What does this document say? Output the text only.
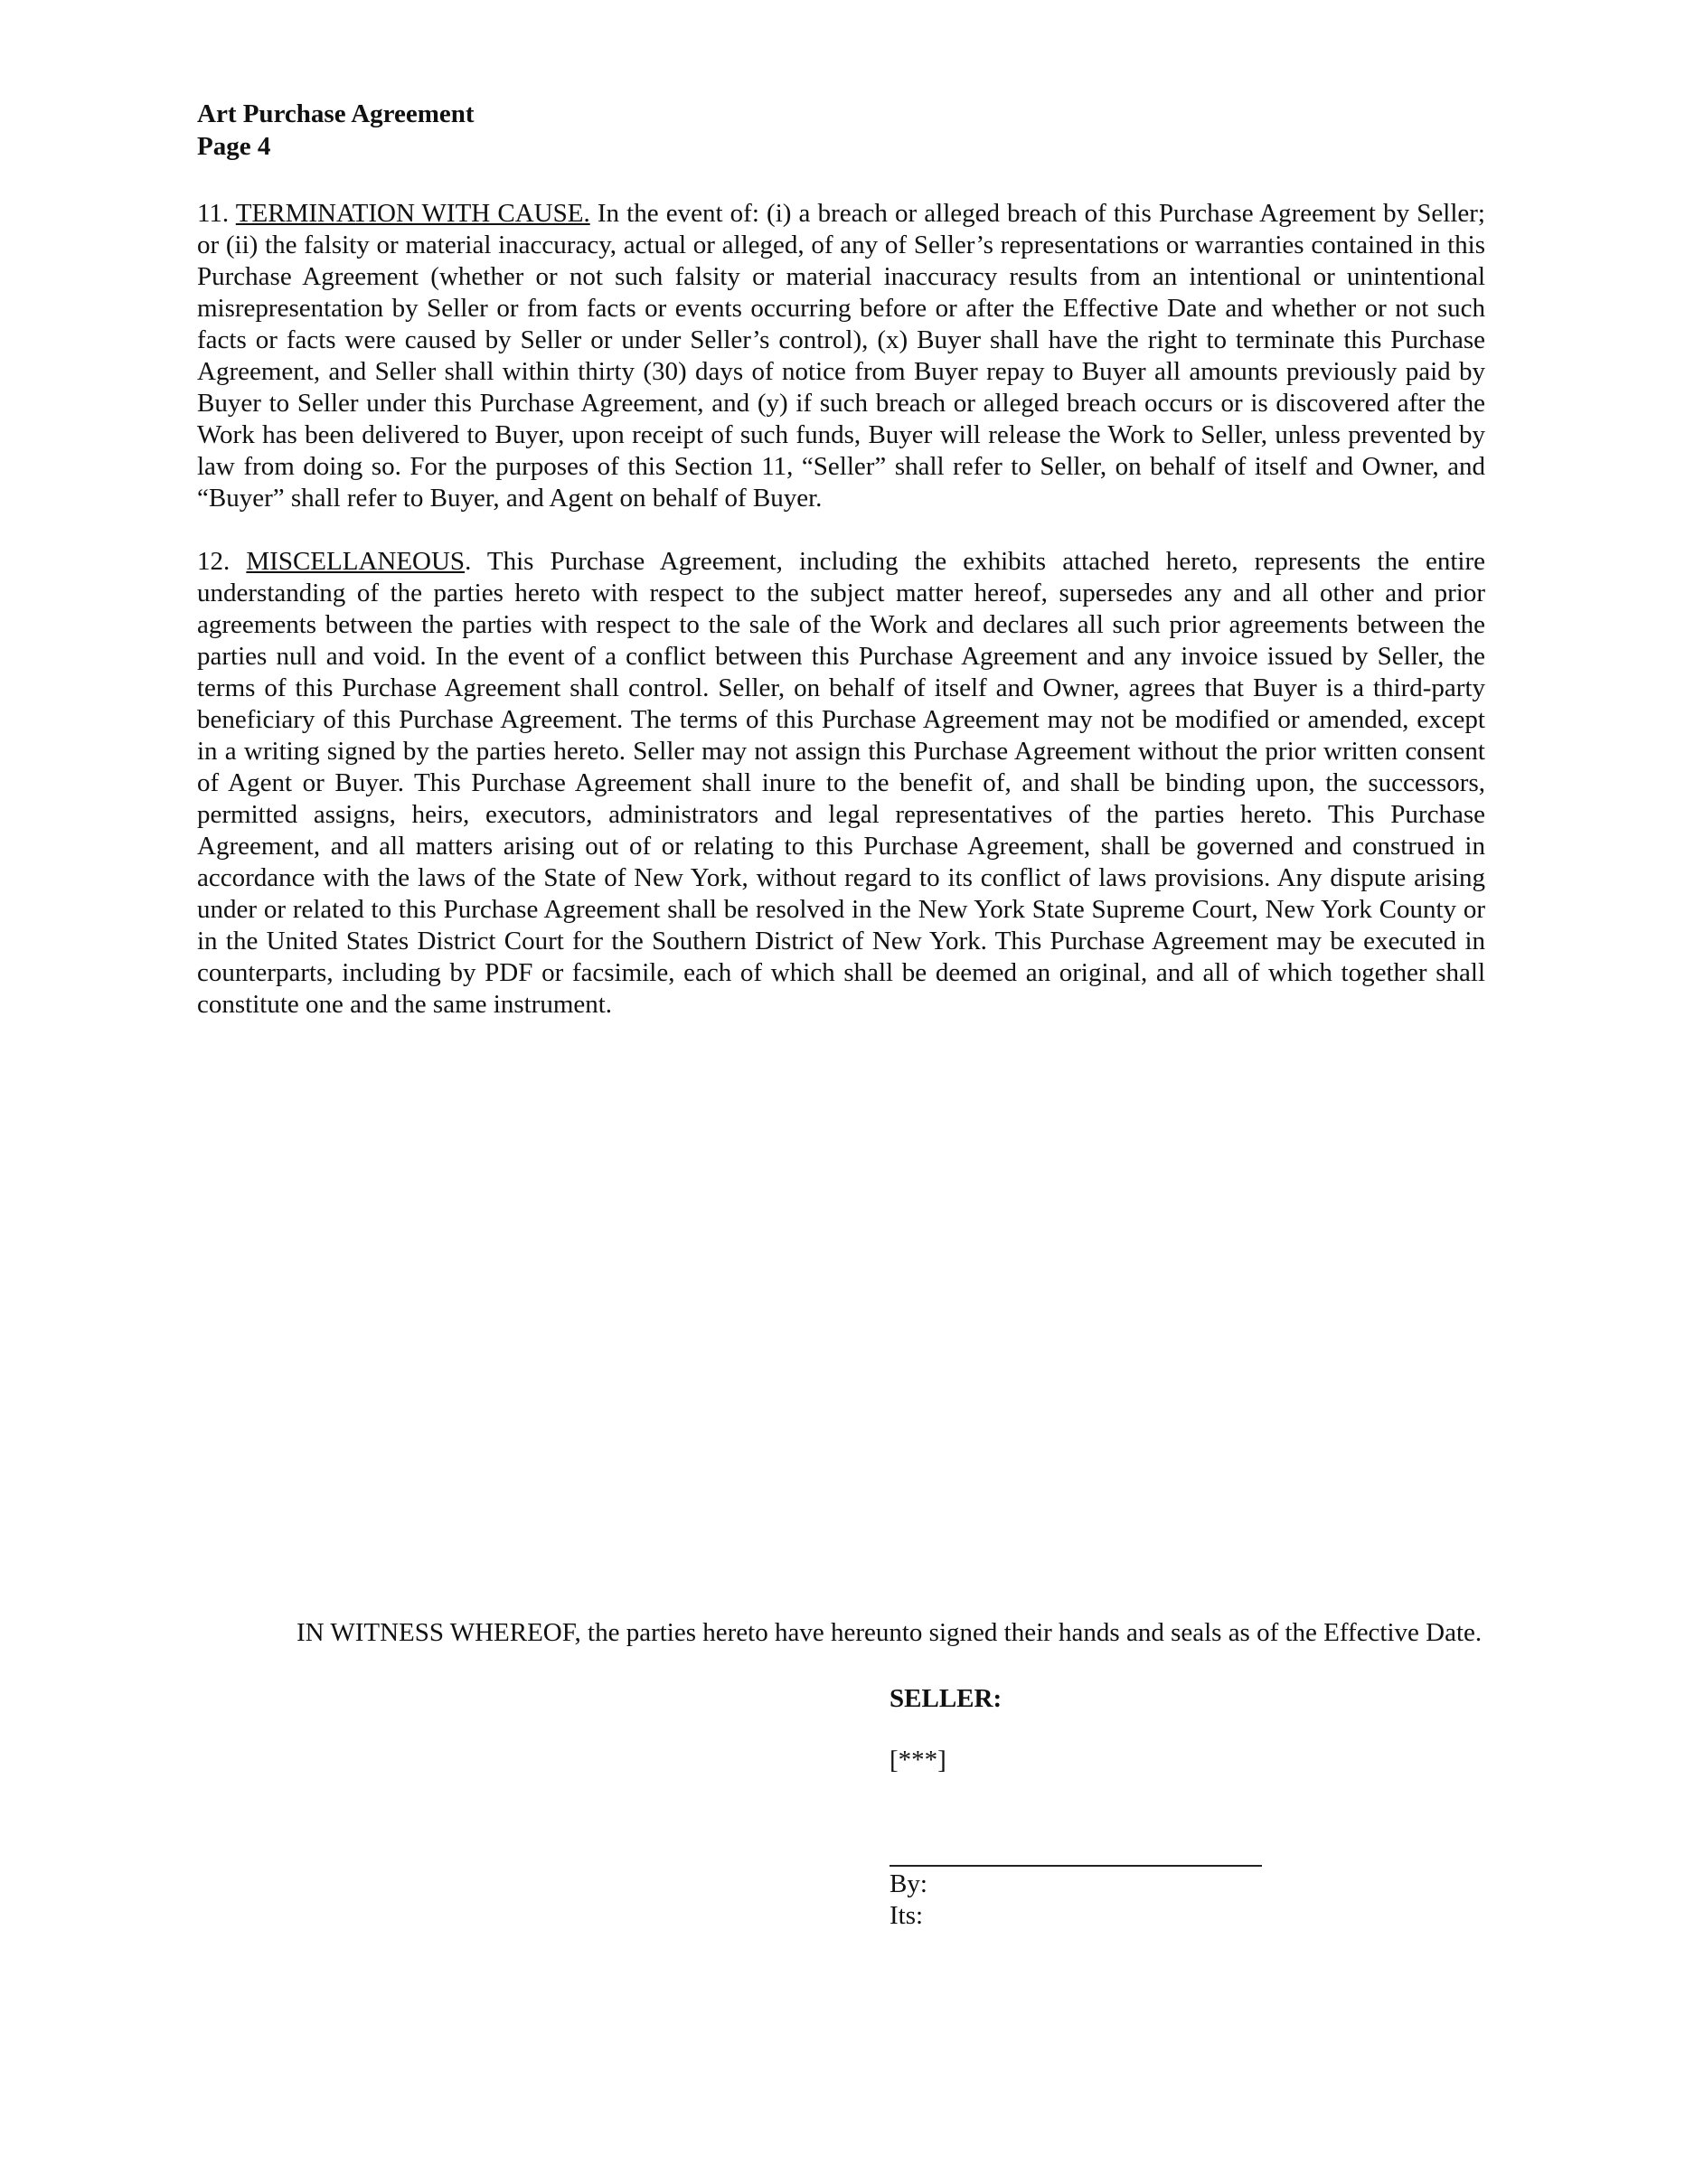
Art Purchase Agreement
Page 4

11. TERMINATION WITH CAUSE. In the event of: (i) a breach or alleged breach of this Purchase Agreement by Seller; or (ii) the falsity or material inaccuracy, actual or alleged, of any of Seller’s representations or warranties contained in this Purchase Agreement (whether or not such falsity or material inaccuracy results from an intentional or unintentional misrepresentation by Seller or from facts or events occurring before or after the Effective Date and whether or not such facts or facts were caused by Seller or under Seller’s control), (x) Buyer shall have the right to terminate this Purchase Agreement, and Seller shall within thirty (30) days of notice from Buyer repay to Buyer all amounts previously paid by Buyer to Seller under this Purchase Agreement, and (y) if such breach or alleged breach occurs or is discovered after the Work has been delivered to Buyer, upon receipt of such funds, Buyer will release the Work to Seller, unless prevented by law from doing so. For the purposes of this Section 11, “Seller” shall refer to Seller, on behalf of itself and Owner, and “Buyer” shall refer to Buyer, and Agent on behalf of Buyer.

12. MISCELLANEOUS. This Purchase Agreement, including the exhibits attached hereto, represents the entire understanding of the parties hereto with respect to the subject matter hereof, supersedes any and all other and prior agreements between the parties with respect to the sale of the Work and declares all such prior agreements between the parties null and void. In the event of a conflict between this Purchase Agreement and any invoice issued by Seller, the terms of this Purchase Agreement shall control. Seller, on behalf of itself and Owner, agrees that Buyer is a third-party beneficiary of this Purchase Agreement. The terms of this Purchase Agreement may not be modified or amended, except in a writing signed by the parties hereto. Seller may not assign this Purchase Agreement without the prior written consent of Agent or Buyer. This Purchase Agreement shall inure to the benefit of, and shall be binding upon, the successors, permitted assigns, heirs, executors, administrators and legal representatives of the parties hereto. This Purchase Agreement, and all matters arising out of or relating to this Purchase Agreement, shall be governed and construed in accordance with the laws of the State of New York, without regard to its conflict of laws provisions. Any dispute arising under or related to this Purchase Agreement shall be resolved in the New York State Supreme Court, New York County or in the United States District Court for the Southern District of New York. This Purchase Agreement may be executed in counterparts, including by PDF or facsimile, each of which shall be deemed an original, and all of which together shall constitute one and the same instrument.

IN WITNESS WHEREOF, the parties hereto have hereunto signed their hands and seals as of the Effective Date.

SELLER:
[***]
By:
Its:
